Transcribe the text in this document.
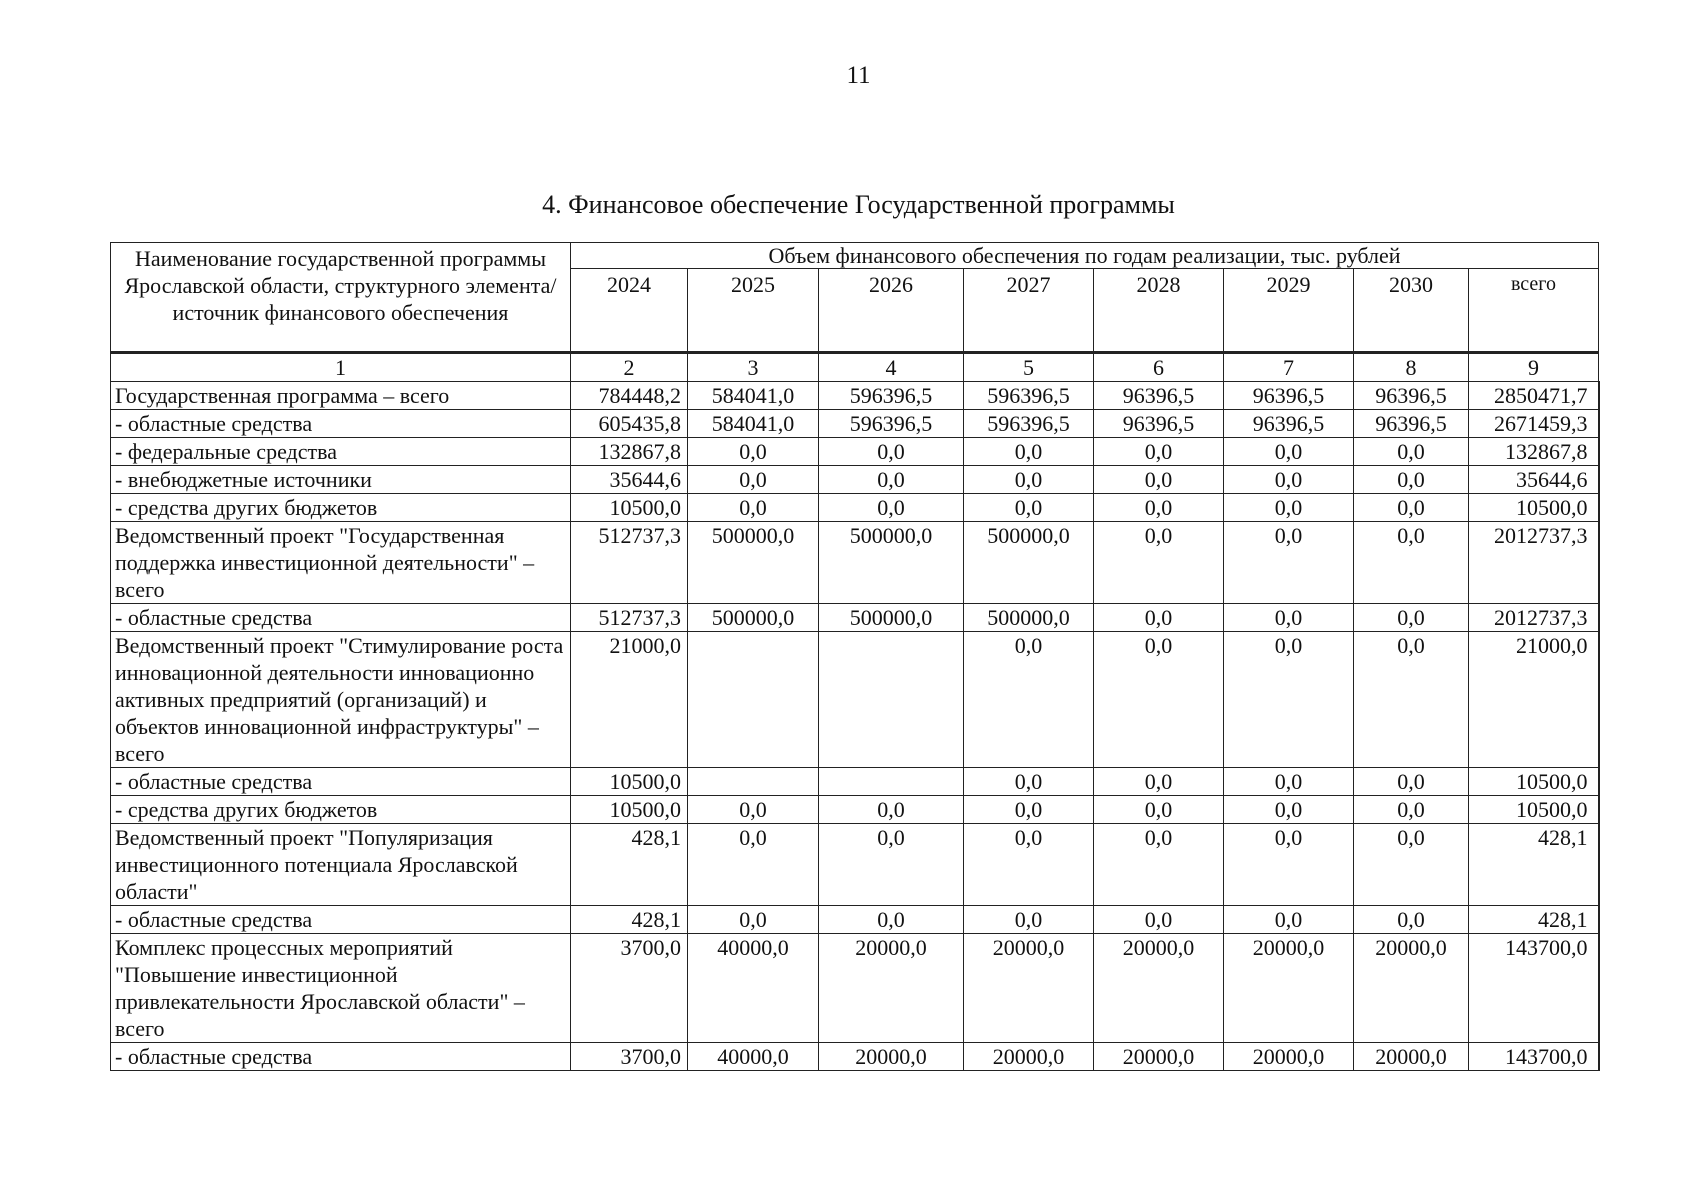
11
4. Финансовое обеспечение Государственной программы
Наименование государственной программы Ярославской области, структурного элемента/источник финансового обеспечения	Объем финансового обеспечения по годам реализации, тыс. рублей							
	2024	2025	2026	2027	2028	2029	2030	всего
1	2	3	4	5	6	7	8	9
Государственная программа – всего	784448,2	584041,0	596396,5	596396,5	96396,5	96396,5	96396,5	2850471,7
- областные средства	605435,8	584041,0	596396,5	596396,5	96396,5	96396,5	96396,5	2671459,3
- федеральные средства	132867,8	0,0	0,0	0,0	0,0	0,0	0,0	132867,8
- внебюджетные источники	35644,6	0,0	0,0	0,0	0,0	0,0	0,0	35644,6
- средства других бюджетов	10500,0	0,0	0,0	0,0	0,0	0,0	0,0	10500,0
Ведомственный проект "Государственная поддержка инвестиционной деятельности" – всего	512737,3	500000,0	500000,0	500000,0	0,0	0,0	0,0	2012737,3
- областные средства	512737,3	500000,0	500000,0	500000,0	0,0	0,0	0,0	2012737,3
Ведомственный проект "Стимулирование роста инновационной деятельности инновационно активных предприятий (организаций) и объектов инновационной инфраструктуры" – всего	21000,0			0,0	0,0	0,0	0,0	21000,0
- областные средства	10500,0			0,0	0,0	0,0	0,0	10500,0
- средства других бюджетов	10500,0	0,0	0,0	0,0	0,0	0,0	0,0	10500,0
Ведомственный проект "Популяризация инвестиционного потенциала Ярославской области"	428,1	0,0	0,0	0,0	0,0	0,0	0,0	428,1
- областные средства	428,1	0,0	0,0	0,0	0,0	0,0	0,0	428,1
Комплекс процессных мероприятий "Повышение инвестиционной привлекательности Ярославской области" – всего	3700,0	40000,0	20000,0	20000,0	20000,0	20000,0	20000,0	143700,0
- областные средства	3700,0	40000,0	20000,0	20000,0	20000,0	20000,0	20000,0	143700,0
